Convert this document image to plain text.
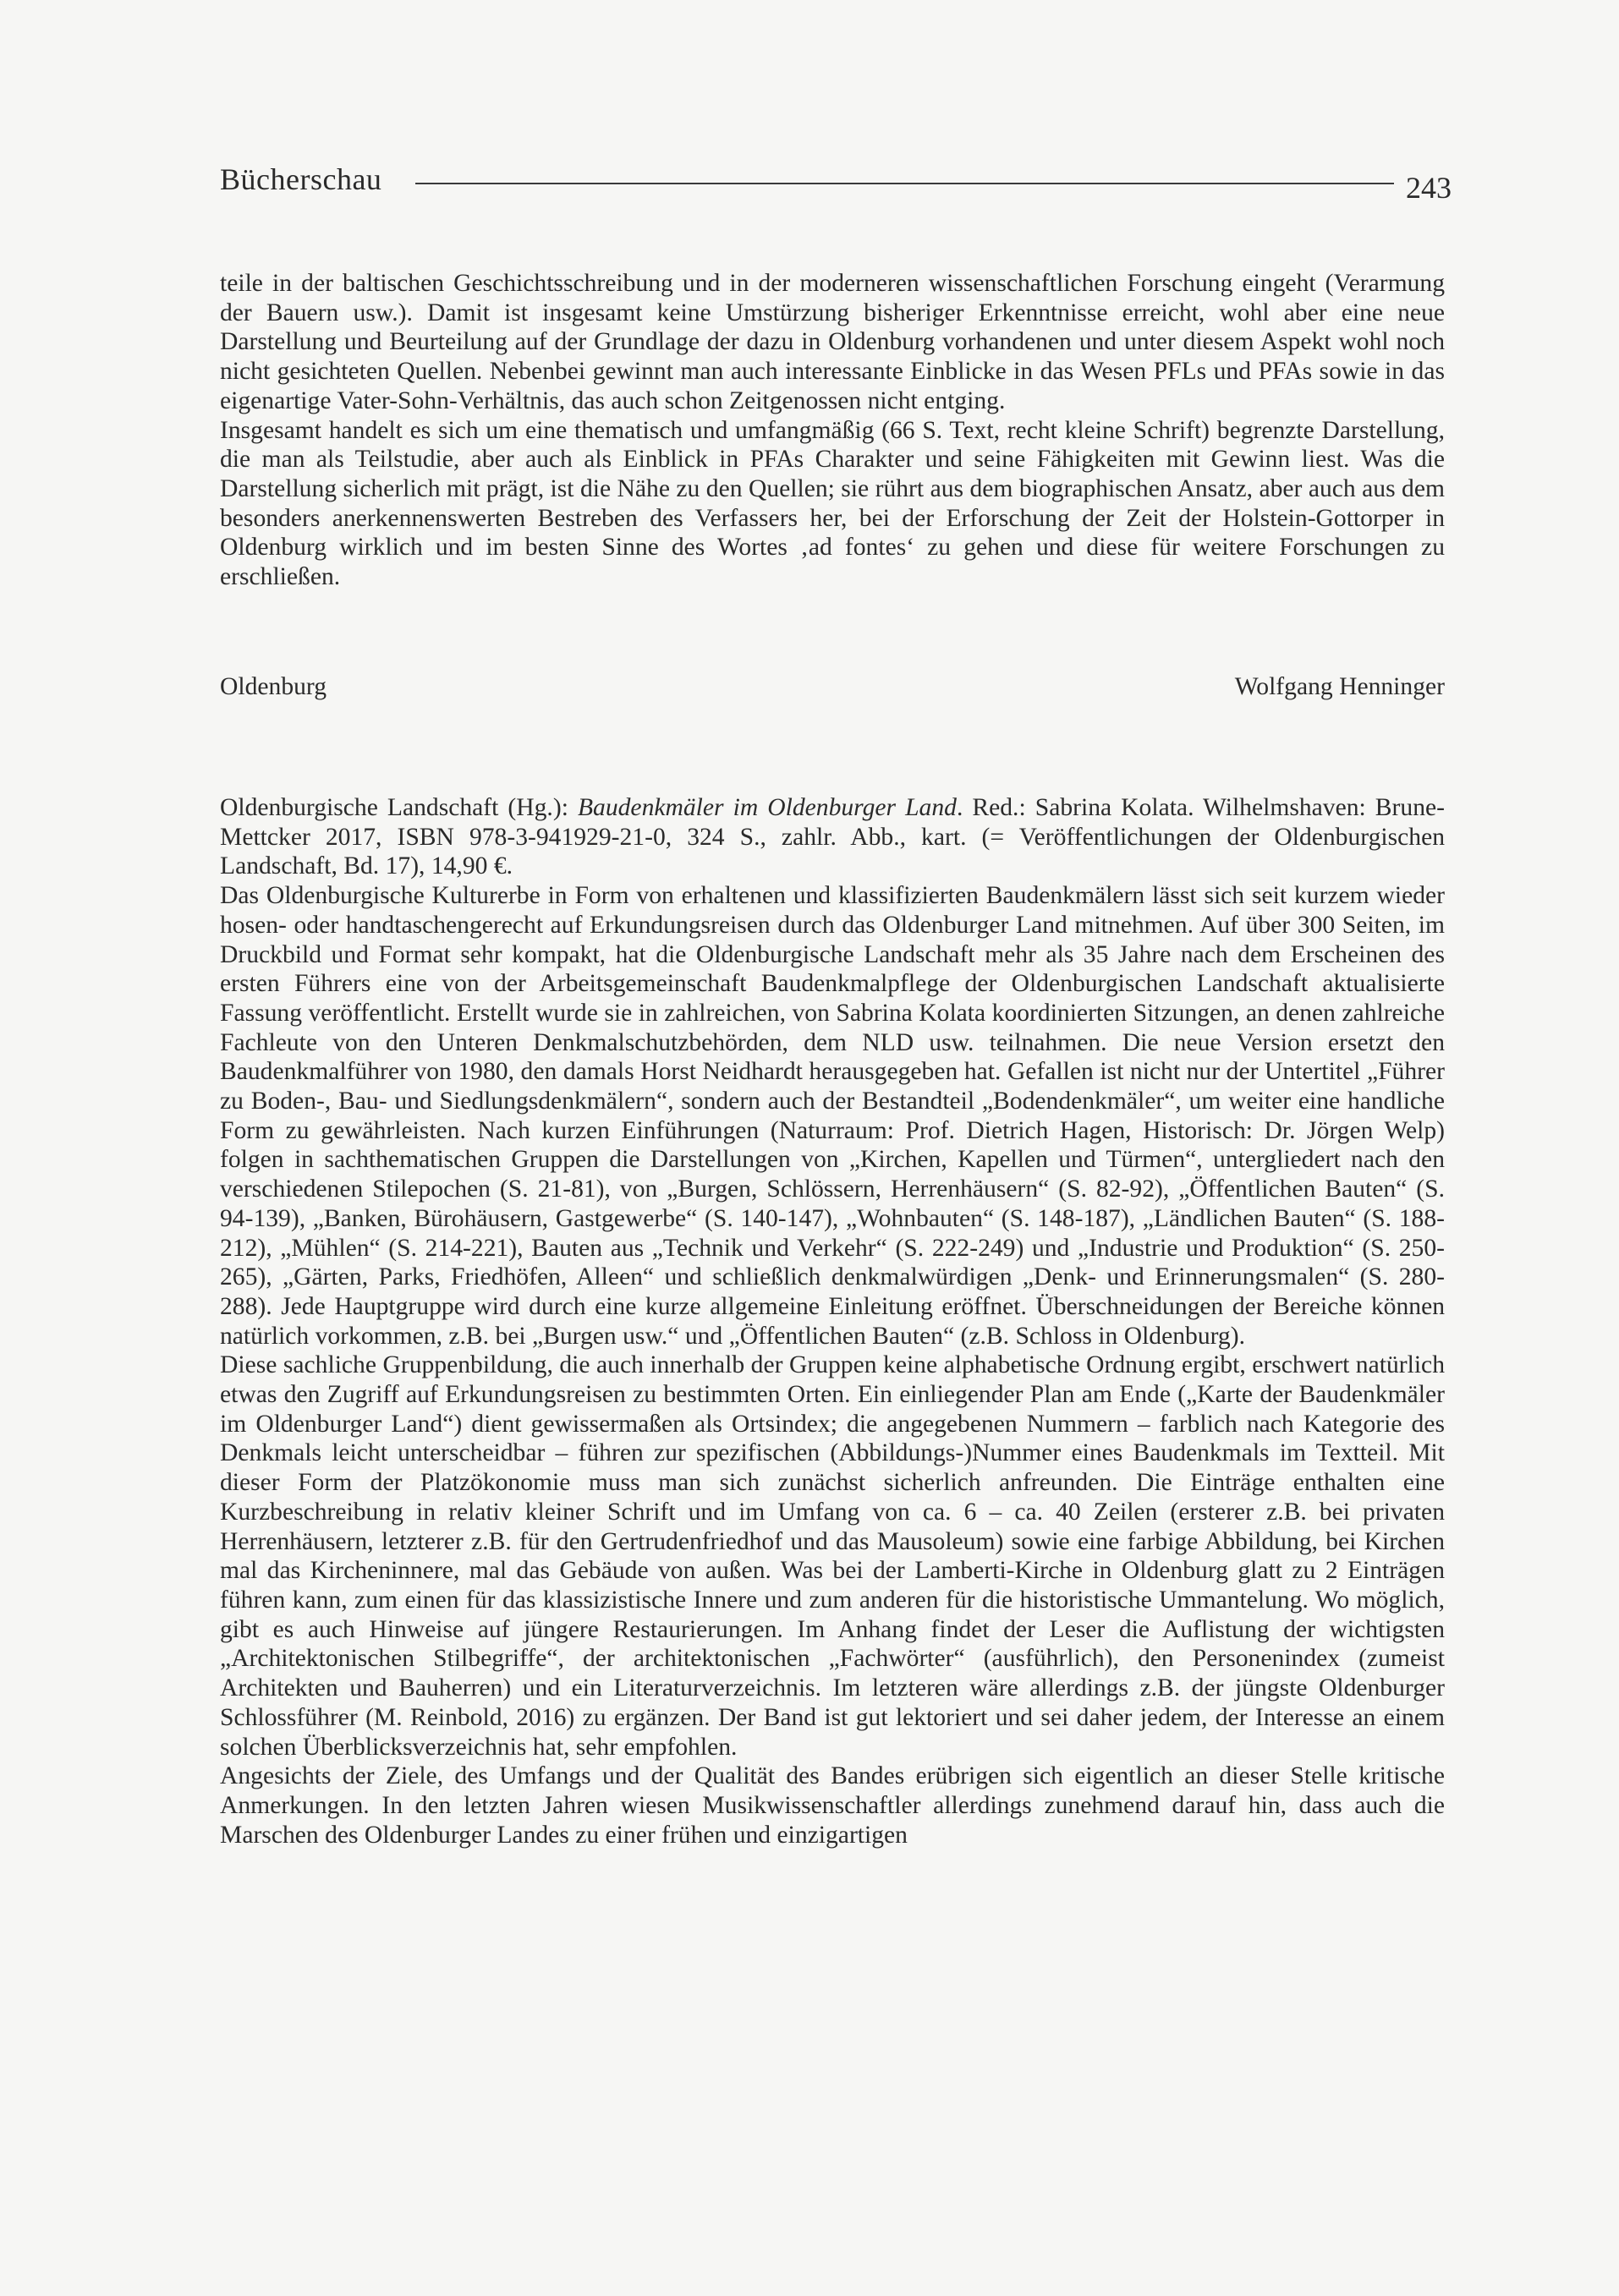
Bücherschau	243

teile in der baltischen Geschichtsschreibung und in der moderneren wissenschaftlichen Forschung eingeht (Verarmung der Bauern usw.). Damit ist insgesamt keine Umstürzung bisheriger Erkenntnisse erreicht, wohl aber eine neue Darstellung und Beurteilung auf der Grundlage der dazu in Oldenburg vorhandenen und unter diesem Aspekt wohl noch nicht gesichteten Quellen. Nebenbei gewinnt man auch interessante Einblicke in das Wesen PFLs und PFAs sowie in das eigenartige Vater-Sohn-Verhältnis, das auch schon Zeitgenossen nicht entging.

Insgesamt handelt es sich um eine thematisch und umfangmäßig (66 S. Text, recht kleine Schrift) begrenzte Darstellung, die man als Teilstudie, aber auch als Einblick in PFAs Charakter und seine Fähigkeiten mit Gewinn liest. Was die Darstellung sicherlich mit prägt, ist die Nähe zu den Quellen; sie rührt aus dem biographischen Ansatz, aber auch aus dem besonders anerkennenswerten Bestreben des Verfassers her, bei der Erforschung der Zeit der Holstein-Gottorper in Oldenburg wirklich und im besten Sinne des Wortes ‚ad fontes‘ zu gehen und diese für weitere Forschungen zu erschließen.

Oldenburg	Wolfgang Henninger

Oldenburgische Landschaft (Hg.): Baudenkmäler im Oldenburger Land. Red.: Sabrina Kolata. Wilhelmshaven: Brune-Mettcker 2017, ISBN 978-3-941929-21-0, 324 S., zahlr. Abb., kart. (= Veröffentlichungen der Oldenburgischen Landschaft, Bd. 17), 14,90 €.

Das Oldenburgische Kulturerbe in Form von erhaltenen und klassifizierten Baudenkmälern lässt sich seit kurzem wieder hosen- oder handtaschengerecht auf Erkundungsreisen durch das Oldenburger Land mitnehmen. Auf über 300 Seiten, im Druckbild und Format sehr kompakt, hat die Oldenburgische Landschaft mehr als 35 Jahre nach dem Erscheinen des ersten Führers eine von der Arbeitsgemeinschaft Baudenkmalpflege der Oldenburgischen Landschaft aktualisierte Fassung veröffentlicht. Erstellt wurde sie in zahlreichen, von Sabrina Kolata koordinierten Sitzungen, an denen zahlreiche Fachleute von den Unteren Denkmalschutzbehörden, dem NLD usw. teilnahmen. Die neue Version ersetzt den Baudenkmalführer von 1980, den damals Horst Neidhardt herausgegeben hat. Gefallen ist nicht nur der Untertitel „Führer zu Boden-, Bau- und Siedlungsdenkmälern“, sondern auch der Bestandteil „Bodendenkmäler“, um weiter eine handliche Form zu gewährleisten. Nach kurzen Einführungen (Naturraum: Prof. Dietrich Hagen, Historisch: Dr. Jörgen Welp) folgen in sachthematischen Gruppen die Darstellungen von „Kirchen, Kapellen und Türmen“, untergliedert nach den verschiedenen Stilepochen (S. 21-81), von „Burgen, Schlössern, Herrenhäusern“ (S. 82-92), „Öffentlichen Bauten“ (S. 94-139), „Banken, Bürohäusern, Gastgewerbe“ (S. 140-147), „Wohnbauten“ (S. 148-187), „Ländlichen Bauten“ (S. 188-212), „Mühlen“ (S. 214-221), Bauten aus „Technik und Verkehr“ (S. 222-249) und „Industrie und Produktion“ (S. 250-265), „Gärten, Parks, Friedhöfen, Alleen“ und schließlich denkmalwürdigen „Denk- und Erinnerungsmalen“ (S. 280-288). Jede Hauptgruppe wird durch eine kurze allgemeine Einleitung eröffnet. Überschneidungen der Bereiche können natürlich vorkommen, z.B. bei „Burgen usw.“ und „Öffentlichen Bauten“ (z.B. Schloss in Oldenburg).

Diese sachliche Gruppenbildung, die auch innerhalb der Gruppen keine alphabetische Ordnung ergibt, erschwert natürlich etwas den Zugriff auf Erkundungsreisen zu bestimmten Orten. Ein einliegender Plan am Ende („Karte der Baudenkmäler im Oldenburger Land“) dient gewissermaßen als Ortsindex; die angegebenen Nummern – farblich nach Kategorie des Denkmals leicht unterscheidbar – führen zur spezifischen (Abbildungs-)Nummer eines Baudenkmals im Textteil. Mit dieser Form der Platzökonomie muss man sich zunächst sicherlich anfreunden. Die Einträge enthalten eine Kurzbeschreibung in relativ kleiner Schrift und im Umfang von ca. 6 – ca. 40 Zeilen (ersterer z.B. bei privaten Herrenhäusern, letzterer z.B. für den Gertrudenfriedhof und das Mausoleum) sowie eine farbige Abbildung, bei Kirchen mal das Kircheninnere, mal das Gebäude von außen. Was bei der Lamberti-Kirche in Oldenburg glatt zu 2 Einträgen führen kann, zum einen für das klassizistische Innere und zum anderen für die historistische Ummantelung. Wo möglich, gibt es auch Hinweise auf jüngere Restaurierungen. Im Anhang findet der Leser die Auflistung der wichtigsten „Architektonischen Stilbegriffe“, der architektonischen „Fachwörter“ (ausführlich), den Personenindex (zumeist Architekten und Bauherren) und ein Literaturverzeichnis. Im letzteren wäre allerdings z.B. der jüngste Oldenburger Schlossführer (M. Reinbold, 2016) zu ergänzen. Der Band ist gut lektoriert und sei daher jedem, der Interesse an einem solchen Überblicksverzeichnis hat, sehr empfohlen.

Angesichts der Ziele, des Umfangs und der Qualität des Bandes erübrigen sich eigentlich an dieser Stelle kritische Anmerkungen. In den letzten Jahren wiesen Musikwissenschaftler allerdings zunehmend darauf hin, dass auch die Marschen des Oldenburger Landes zu einer frühen und einzigartigen
